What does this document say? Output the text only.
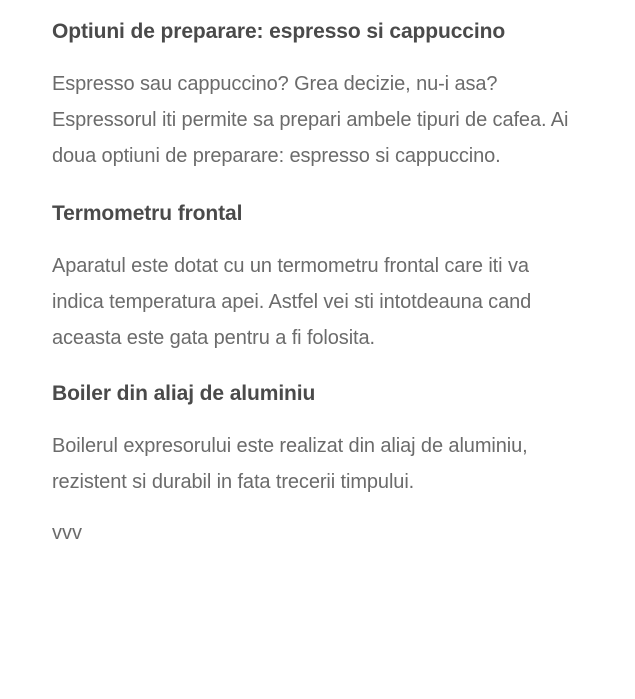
Optiuni de preparare: espresso si cappuccino

Espresso sau cappuccino? Grea decizie, nu-i asa? Espressorul iti permite sa prepari ambele tipuri de cafea. Ai doua optiuni de preparare: espresso si cappuccino.

Termometru frontal

Aparatul este dotat cu un termometru frontal care iti va indica temperatura apei. Astfel vei sti intotdeauna cand aceasta este gata pentru a fi folosita.

Boiler din aliaj de aluminiu

Boilerul expresorului este realizat din aliaj de aluminiu, rezistent si durabil in fata trecerii timpului.

vvv
